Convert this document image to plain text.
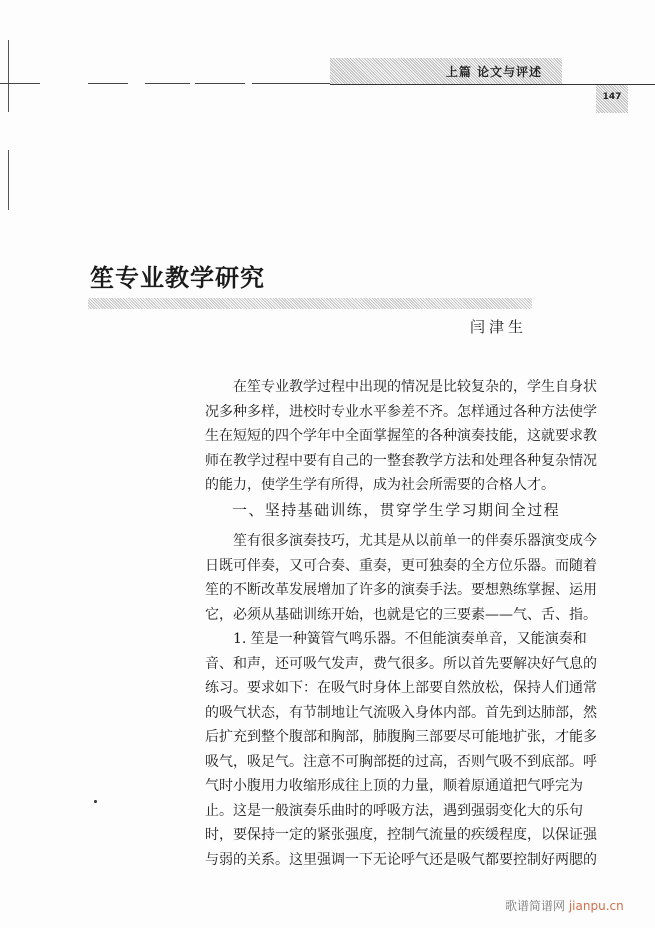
上篇 论文与评述
147
笙专业教学研究
闫津生
在笙专业教学过程中出现的情况是比较复杂的，学生自身状
况多种多样，进校时专业水平参差不齐。怎样通过各种方法使学
生在短短的四个学年中全面掌握笙的各种演奏技能，这就要求教
师在教学过程中要有自己的一整套教学方法和处理各种复杂情况
的能力，使学生学有所得，成为社会所需要的合格人才。
一、坚持基础训练，贯穿学生学习期间全过程
笙有很多演奏技巧，尤其是从以前单一的伴奏乐器演变成今
日既可伴奏，又可合奏、重奏，更可独奏的全方位乐器。而随着
笙的不断改革发展增加了许多的演奏手法。要想熟练掌握、运用
它，必须从基础训练开始，也就是它的三要素——气、舌、指。
1. 笙是一种簧管气鸣乐器。不但能演奏单音，又能演奏和
音、和声，还可吸气发声，费气很多。所以首先要解决好气息的
练习。要求如下：在吸气时身体上部要自然放松，保持人们通常
的吸气状态，有节制地让气流吸入身体内部。首先到达肺部，然
后扩充到整个腹部和胸部，肺腹胸三部要尽可能地扩张，才能多
吸气，吸足气。注意不可胸部挺的过高，否则气吸不到底部。呼
气时小腹用力收缩形成往上顶的力量，顺着原通道把气呼完为
止。这是一般演奏乐曲时的呼吸方法，遇到强弱变化大的乐句
时，要保持一定的紧张强度，控制气流量的疾缓程度，以保证强
与弱的关系。这里强调一下无论呼气还是吸气都要控制好两腮的
歌谱简谱网 jianpu.cn
